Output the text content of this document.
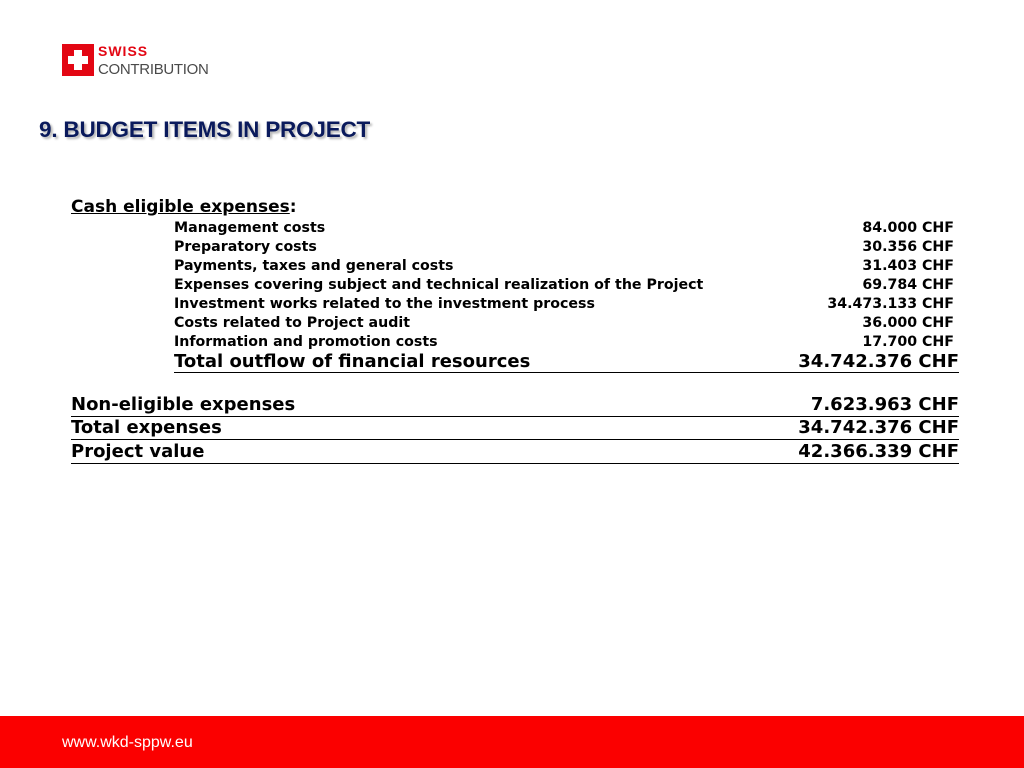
SWISS
CONTRIBUTION
9. BUDGET ITEMS IN PROJECT
Cash eligible expenses:
Management costs	84.000 CHF
Preparatory costs	30.356 CHF
Payments, taxes and general costs	31.403 CHF
Expenses covering subject and technical realization of the Project	69.784 CHF
Investment works related to the investment process	34.473.133 CHF
Costs related to Project audit	36.000 CHF
Information and promotion costs	17.700 CHF
Total outflow of financial resources	34.742.376 CHF
Non-eligible expenses	7.623.963 CHF
Total expenses	34.742.376 CHF
Project value	42.366.339 CHF
www.wkd-sppw.eu
